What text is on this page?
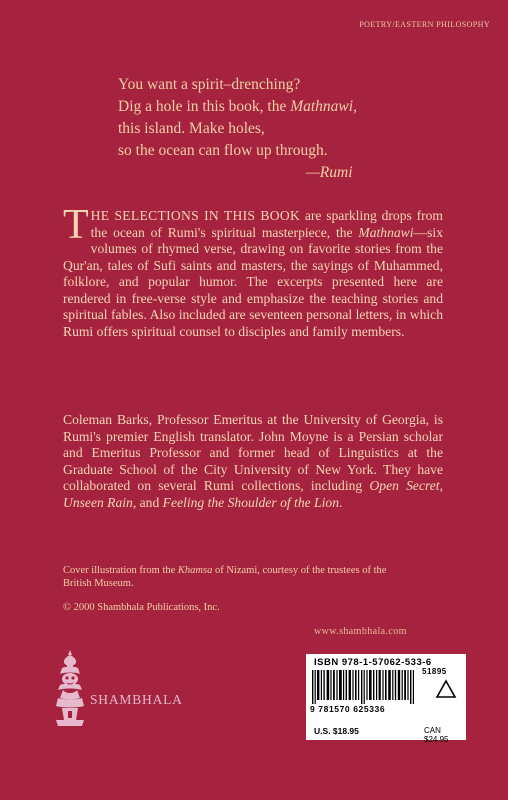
POETRY/EASTERN PHILOSOPHY
You want a spirit–drenching?
Dig a hole in this book, the Mathnawi,
this island. Make holes,
so the ocean can flow up through.
—Rumi
THE SELECTIONS IN THIS BOOK are sparkling drops from the ocean of Rumi's spiritual masterpiece, the Mathnawi—six volumes of rhymed verse, drawing on favorite stories from the Qur'an, tales of Sufi saints and masters, the sayings of Muhammed, folklore, and popular humor. The excerpts presented here are rendered in free-verse style and emphasize the teaching stories and spiritual fables. Also included are seventeen personal letters, in which Rumi offers spiritual counsel to disciples and family members.
Coleman Barks, Professor Emeritus at the University of Georgia, is Rumi's premier English translator. John Moyne is a Persian scholar and Emeritus Professor and former head of Linguistics at the Graduate School of the City University of New York. They have collaborated on several Rumi collections, including Open Secret, Unseen Rain, and Feeling the Shoulder of the Lion.
Cover illustration from the Khamsa of Nizami, courtesy of the trustees of the British Museum.
© 2000 Shambhala Publications, Inc.
www.shambhala.com
SHAMBHALA
ISBN 978-1-57062-533-6
51895
9 781570 625336
U.S. $18.95	CAN $24.95
